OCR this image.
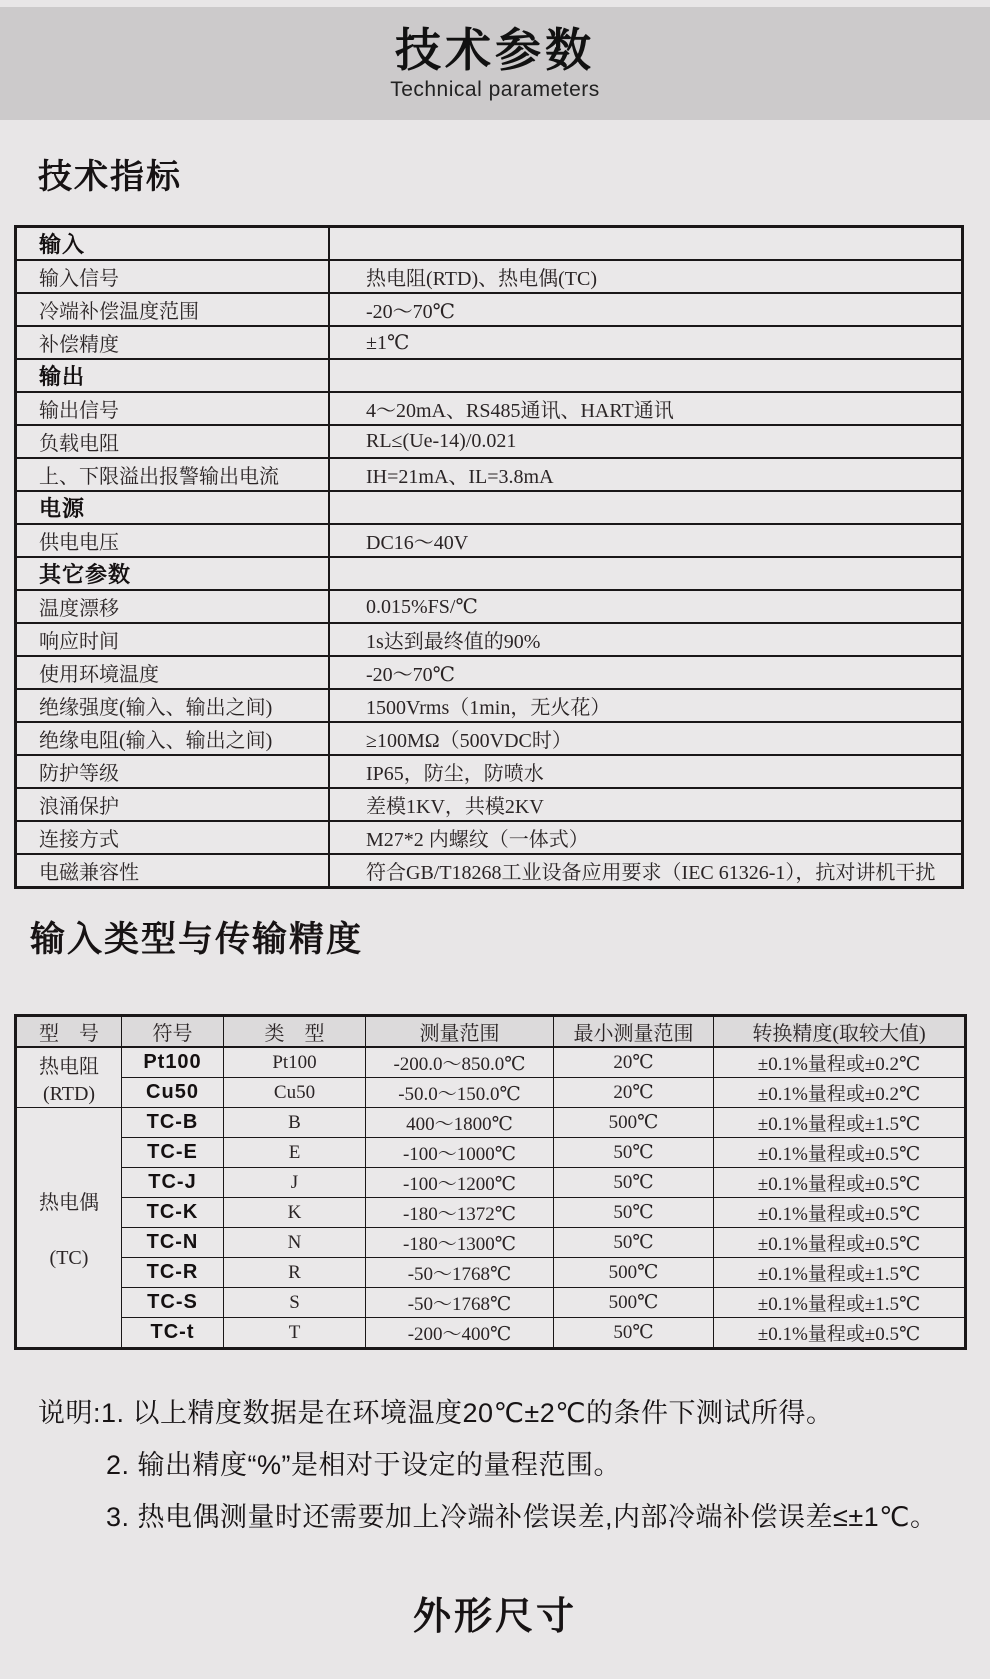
技术参数
Technical parameters
技术指标
输入	
输入信号	热电阻(RTD)、热电偶(TC)
冷端补偿温度范围	-20～70℃
补偿精度	±1℃
输出	
输出信号	4～20mA、RS485通讯、HART通讯
负载电阻	RL≤(Ue-14)/0.021
上、下限溢出报警输出电流	IH=21mA、IL=3.8mA
电源	
供电电压	DC16～40V
其它参数	
温度漂移	0.015%FS/℃
响应时间	1s达到最终值的90%
使用环境温度	-20～70℃
绝缘强度(输入、输出之间)	1500Vrms（1min，无火花）
绝缘电阻(输入、输出之间)	≥100MΩ（500VDC时）
防护等级	IP65，防尘，防喷水
浪涌保护	差模1KV，共模2KV
连接方式	M27*2 内螺纹（一体式）
电磁兼容性	符合GB/T18268工业设备应用要求（IEC 61326-1），抗对讲机干扰
输入类型与传输精度
型　号	符号	类　型	测量范围	最小测量范围	转换精度(取较大值)

热电阻
(RTD)	Pt100	Pt100	-200.0～850.0℃	20℃	±0.1%量程或±0.2℃
	Cu50	Cu50	-50.0～150.0℃	20℃	±0.1%量程或±0.2℃

热电偶
(TC)	TC-B	B	400～1800℃	500℃	±0.1%量程或±1.5℃
	TC-E	E	-100～1000℃	50℃	±0.1%量程或±0.5℃
	TC-J	J	-100～1200℃	50℃	±0.1%量程或±0.5℃
	TC-K	K	-180～1372℃	50℃	±0.1%量程或±0.5℃
	TC-N	N	-180～1300℃	50℃	±0.1%量程或±0.5℃
	TC-R	R	-50～1768℃	500℃	±0.1%量程或±1.5℃
	TC-S	S	-50～1768℃	500℃	±0.1%量程或±1.5℃
	TC-t	T	-200～400℃	50℃	±0.1%量程或±0.5℃
说明:1. 以上精度数据是在环境温度20℃±2℃的条件下测试所得。
2. 输出精度“%”是相对于设定的量程范围。
3. 热电偶测量时还需要加上冷端补偿误差,内部冷端补偿误差≤±1℃。
外形尺寸
